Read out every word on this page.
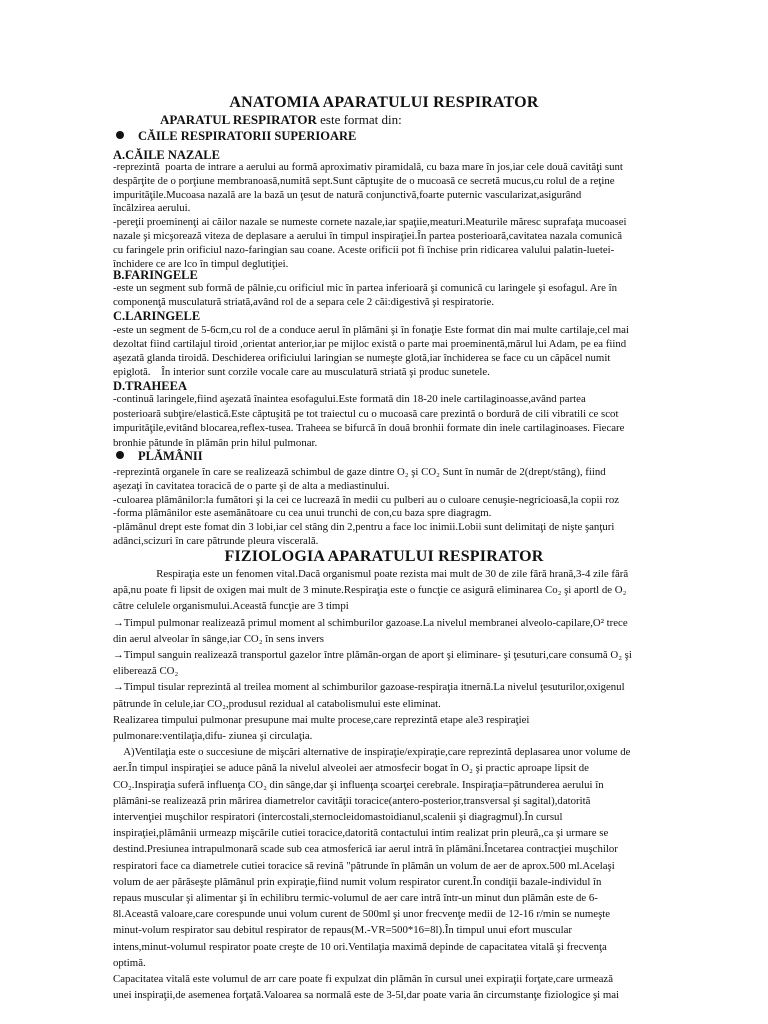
ANATOMIA APARATULUI RESPIRATOR
APARATUL RESPIRATOR este format din:
CĂILE RESPIRATORII SUPERIOARE
A.CĂILE NAZALE
-reprezintă  poarta de intrare a aerului au formă aproximativ piramidală, cu baza mare în jos,iar cele două cavităţi sunt
despărţite de o porţiune membranoasă,numită sept.Sunt căptuşite de o mucoasă ce secretă mucus,cu rolul de a reţine
impurităţile.Mucoasa nazală are la bază un ţesut de natură conjunctivă,foarte puternic vascularizat,asigurând
încălzirea aerului.
-pereţii proeminenţi ai căilor nazale se numeste cornete nazale,iar spaţiie,meaturi.Meaturile măresc suprafaţa mucoasei
nazale şi micşorează viteza de deplasare a aerului în timpul inspiraţiei.În partea posterioară,cavitatea nazala comunică
cu faringele prin orificiul nazo-faringian sau coane. Aceste orificii pot fi închise prin ridicarea valului palatin-luetei-
închidere ce are lco în timpul deglutiţiei.
B.FARINGELE
-este un segment sub formă de pâlnie,cu orificiul mic în partea inferioară şi comunică cu laringele şi esofagul. Are în
componenţă musculatură striată,având rol de a separa cele 2 căi:digestivă şi respiratorie.
C.LARINGELE
-este un segment de 5-6cm,cu rol de a conduce aerul în plămâni şi în fonaţie Este format din mai multe cartilaje,cel mai
dezoltat fiind cartilajul tiroid ,orientat anterior,iar pe mijloc există o parte mai proeminentă,mărul lui Adam, pe ea fiind
aşezată glanda tiroidă. Deschiderea orificiului laringian se numeşte glotă,iar închiderea se face cu un căpăcel numit
epiglotă.    În interior sunt corzile vocale care au musculatură striată şi produc sunetele.
D.TRAHEEA
-continuă laringele,fiind aşezată înaintea esofagului.Este formată din 18-20 inele cartilaginoasse,având partea
posterioară subţire/elastică.Este căptuşită pe tot traiectul cu o mucoasă care prezintă o bordură de cili vibratili ce scot
impurităţile,evitând blocarea,reflex-tusea. Traheea se bifurcă în două bronhii formate din inele cartilaginoases. Fiecare
bronhie pătunde în plămân prin hilul pulmonar.
PLĂMÂNII
-reprezintă organele în care se realizează schimbul de gaze dintre O₂ şi CO₂ Sunt în număr de 2(drept/stâng), fiind
aşezaţi în cavitatea toracică de o parte şi de alta a mediastinului.
-culoarea plămânilor:la fumători şi la cei ce lucrează în medii cu pulberi au o culoare cenuşie-negricioasă,la copii roz
-forma plămânilor este asemănătoare cu cea unui trunchi de con,cu baza spre diagragm.
-plămânul drept este fomat din 3 lobi,iar cel stâng din 2,pentru a face loc inimii.Lobii sunt delimitaţi de nişte şanţuri
adânci,scizuri în care pătrunde pleura viscerală.
FIZIOLOGIA APARATULUI RESPIRATOR
Respiraţia este un fenomen vital.Dacă organismul poate rezista mai mult de 30 de zile fără hrană,3-4 zile fără
apă,nu poate fi lipsit de oxigen mai mult de 3 minute.Respiraţia este o funcţie ce asigură eliminarea Co₂ şi aportl de O₂
către celulele organismului.Această funcţie are 3 timpi
→Timpul pulmonar realizează primul moment al schimburilor gazoase.La nivelul membranei alveolo-capilare,O² trece
din aerul alveolar în sânge,iar CO₂ în sens invers
→Timpul sanguin realizează transportul gazelor între plămân-organ de aport şi eliminare- şi ţesuturi,care consumă O₂ şi
eliberează CO₂
→Timpul tisular reprezintă al treilea moment al schimburilor gazoase-respiraţia itnernă.La nivelul ţesuturilor,oxigenul
pătrunde în celule,iar CO₂,produsul rezidual al catabolismului este eliminat.
Realizarea timpului pulmonar presupune mai multe procese,care reprezintă etape ale3 respiraţiei
pulmonare:ventilaţia,difu- ziunea şi circulaţia.
A)Ventilaţia este o succesiune de mişcări alternative de inspiraţie/expiraţie,care reprezintă deplasarea unor volume de
aer.În timpul inspiraţiei se aduce până la nivelul alveolei aer atmosfecir bogat în O₂ şi practic aproape lipsit de
CO₂.Inspiraţia suferă influenţa CO₂ din sânge,dar şi influenţa scoarţei cerebrale. Inspiraţia=pătrunderea aerului în
plămâni-se realizează prin mărirea diametrelor cavităţii toracice(antero-posterior,transversal şi sagital),datorită
intervenţiei muşchilor respiratori (intercostali,sternocleidomastoidianul,scalenii şi diagragmul).În cursul
inspiraţiei,plămânii urmeazp mişcările cutiei toracice,datorită contactului intim realizat prin pleură,,ca şi urmare se
destind.Presiunea intrapulmonară scade sub cea atmosferică iar aerul intră în plămâni.Încetarea contracţiei muşchilor
respiratori face ca diametrele cutiei toracice să revină "pătrunde în plămân un volum de aer de aprox.500 ml.Acelaşi
volum de aer părăseşte plămânul prin expiraţie,fiind numit volum respirator curent.În condiţii bazale-individul în
repaus muscular şi alimentar şi în echilibru termic-volumul de aer care intră într-un minut dun plămân este de 6-
8l.Această valoare,care corespunde unui volum curent de 500ml şi unor frecvenţe medii de 12-16 r/min se numeşte
minut-volum respirator sau debitul respirator de repaus(M.-VR=500*16=8l).În timpul unui efort muscular
intens,minut-volumul respirator poate creşte de 10 ori.Ventilaţia maximă depinde de capacitatea vitală şi frecvenţa
optimă.
Capacitatea vitală este volumul de arr care poate fi expulzat din plămân în cursul unei expiraţii forţate,care urmează
unei inspiraţii,de asemenea forţată.Valoarea sa normală este de 3-5l,dar poate varia ăn circumstanţe fiziologice şi mai
